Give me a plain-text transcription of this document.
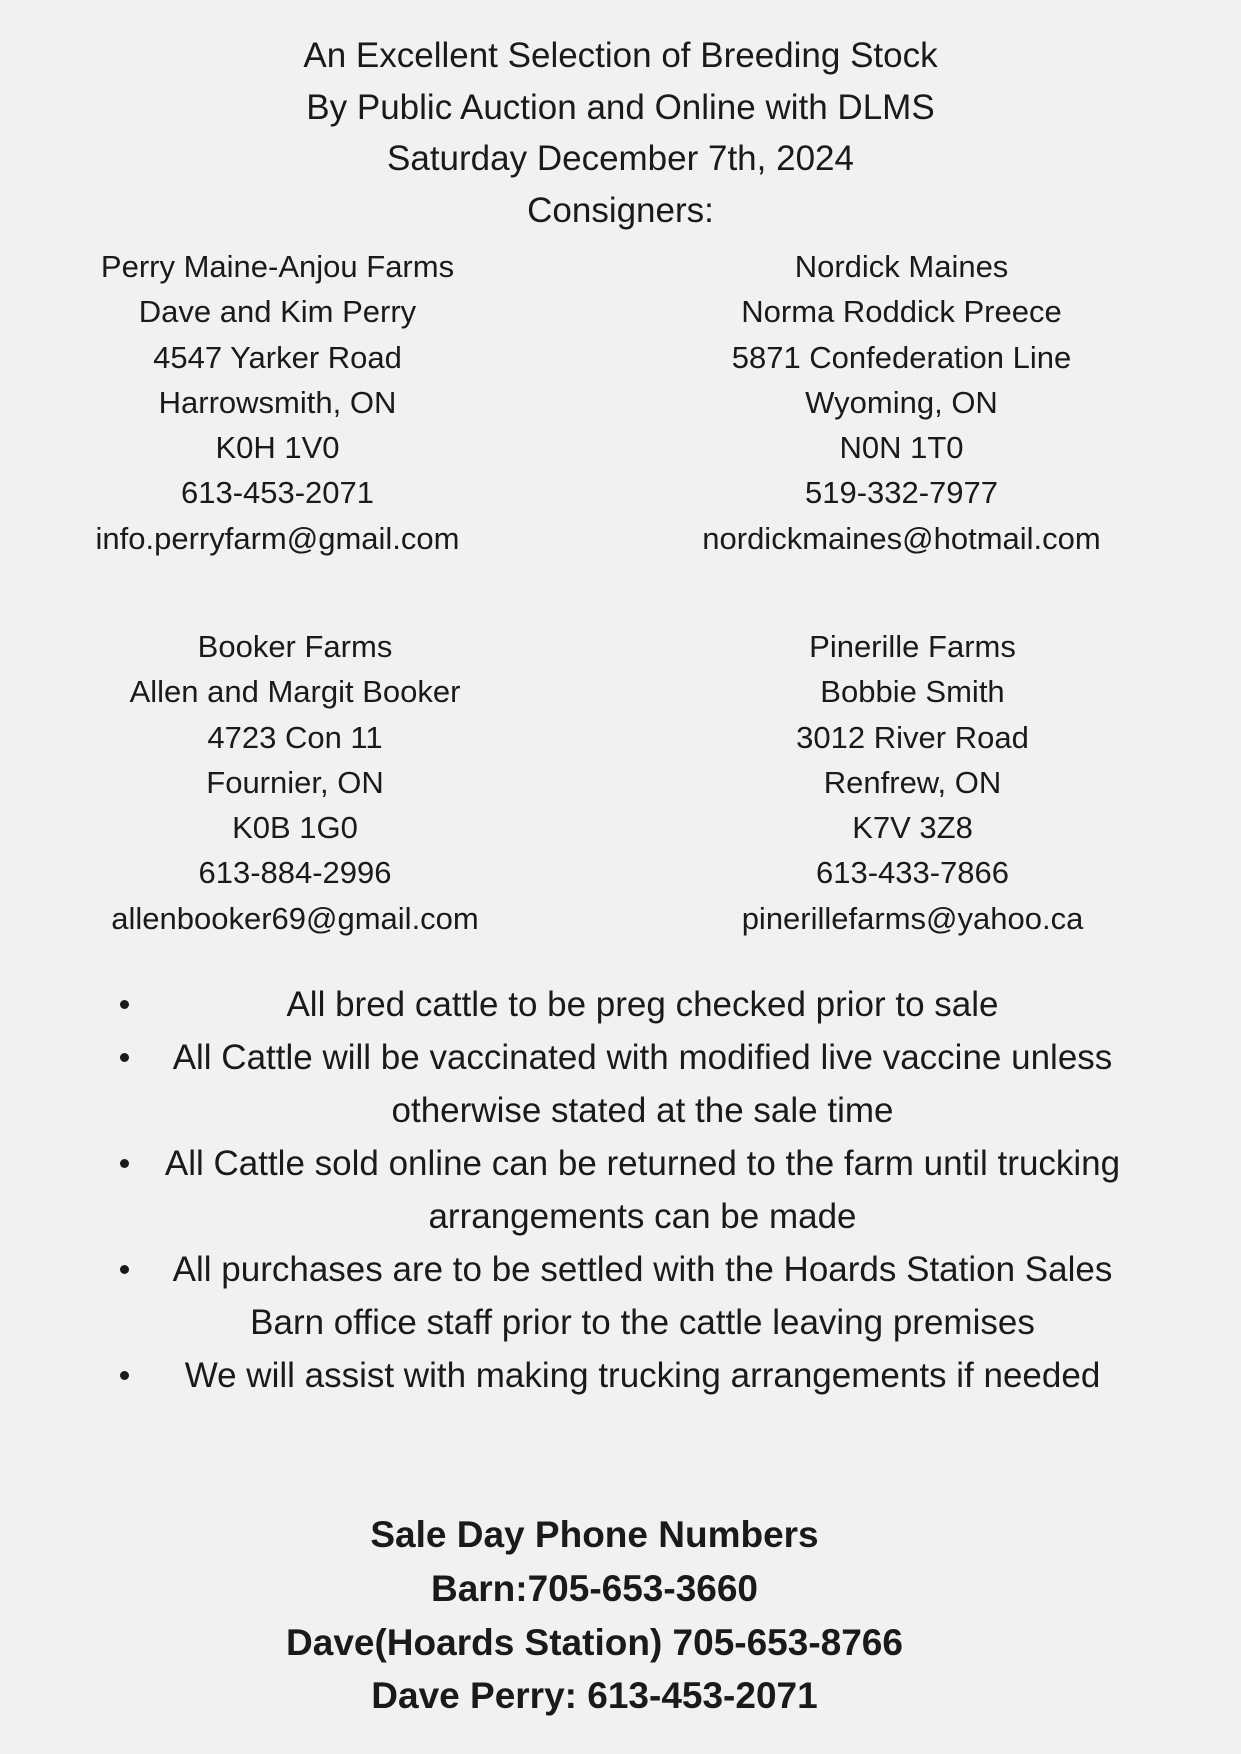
An Excellent Selection of Breeding Stock
By Public Auction and Online with DLMS
Saturday December 7th, 2024
Consigners:
Perry Maine-Anjou Farms
Dave and Kim Perry
4547 Yarker Road
Harrowsmith, ON
K0H 1V0
613-453-2071
info.perryfarm@gmail.com
Nordick Maines
Norma Roddick Preece
5871 Confederation Line
Wyoming, ON
N0N 1T0
519-332-7977
nordickmaines@hotmail.com
Booker Farms
Allen and Margit Booker
4723 Con 11
Fournier, ON
K0B 1G0
613-884-2996
allenbooker69@gmail.com
Pinerille Farms
Bobbie Smith
3012 River Road
Renfrew, ON
K7V 3Z8
613-433-7866
pinerillefarms@yahoo.ca
All bred cattle to be preg checked prior to sale
All Cattle will be vaccinated with modified live vaccine unless otherwise stated at the sale time
All Cattle sold online can be returned to the farm until trucking arrangements can be made
All purchases are to be settled with the Hoards Station Sales Barn office staff prior to the cattle leaving premises
We will assist with making trucking arrangements if needed
Sale Day Phone Numbers
Barn:705-653-3660
Dave(Hoards Station) 705-653-8766
Dave Perry: 613-453-2071
